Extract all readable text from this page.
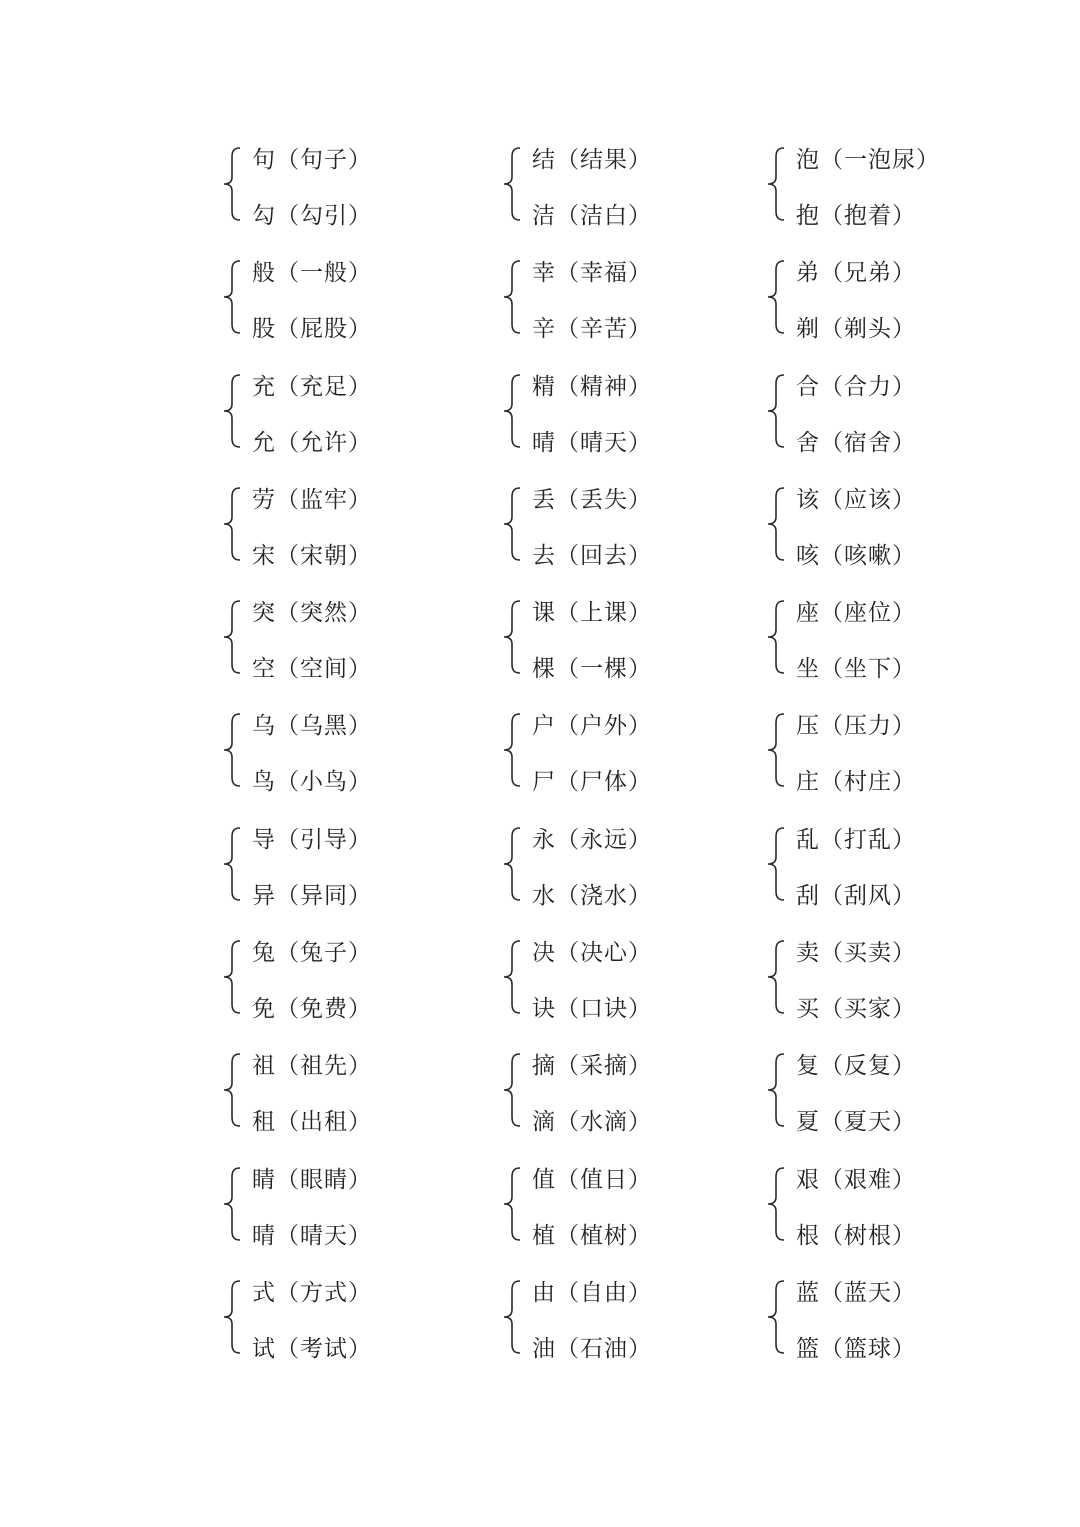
句（句子）
勾（勾引）
般（一般）
股（屁股）
充（充足）
允（允许）
劳（监牢）
宋（宋朝）
突（突然）
空（空间）
乌（乌黑）
鸟（小鸟）
导（引导）
异（异同）
兔（兔子）
免（免费）
祖（祖先）
租（出租）
睛（眼睛）
晴（晴天）
式（方式）
试（考试）
结（结果）
洁（洁白）
幸（幸福）
辛（辛苦）
精（精神）
晴（晴天）
丢（丢失）
去（回去）
课（上课）
棵（一棵）
户（户外）
尸（尸体）
永（永远）
水（浇水）
决（决心）
诀（口诀）
摘（采摘）
滴（水滴）
值（值日）
植（植树）
由（自由）
油（石油）
泡（一泡尿）
抱（抱着）
弟（兄弟）
剃（剃头）
合（合力）
舍（宿舍）
该（应该）
咳（咳嗽）
座（座位）
坐（坐下）
压（压力）
庄（村庄）
乱（打乱）
刮（刮风）
卖（买卖）
买（买家）
复（反复）
夏（夏天）
艰（艰难）
根（树根）
蓝（蓝天）
篮（篮球）
